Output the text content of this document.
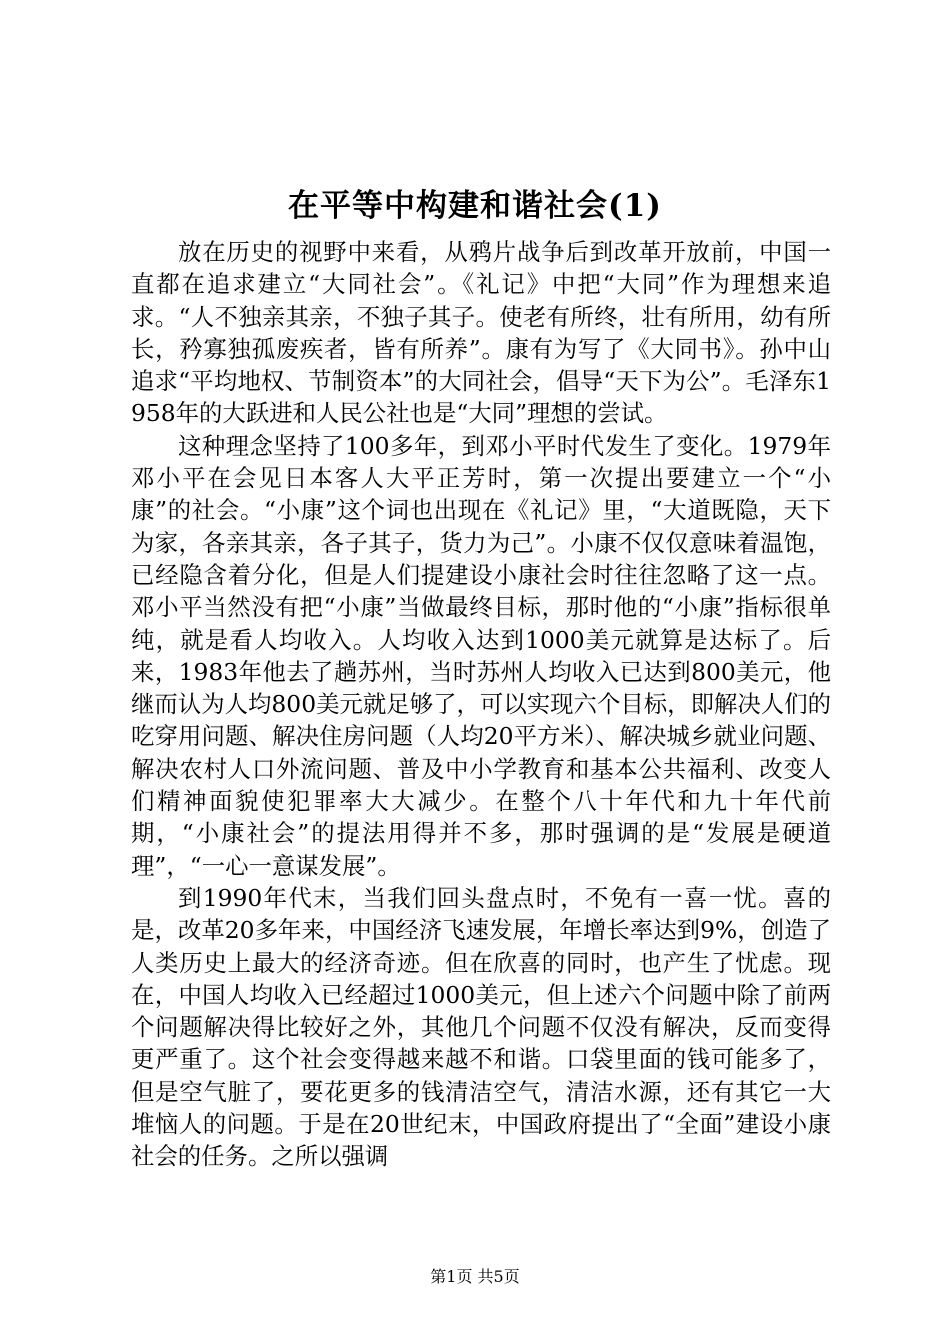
在平等中构建和谐社会(1)

放在历史的视野中来看，从鸦片战争后到改革开放前，中国一直都在追求建立“大同社会”。《礼记》中把“大同”作为理想来追求。“人不独亲其亲，不独子其子。使老有所终，壮有所用，幼有所长，矜寡独孤废疾者，皆有所养”。康有为写了《大同书》。孙中山追求“平均地权、节制资本”的大同社会，倡导“天下为公”。毛泽东1958年的大跃进和人民公社也是“大同”理想的尝试。

这种理念坚持了100多年，到邓小平时代发生了变化。1979年邓小平在会见日本客人大平正芳时，第一次提出要建立一个“小康”的社会。“小康”这个词也出现在《礼记》里，“大道既隐，天下为家，各亲其亲，各子其子，货力为己”。小康不仅仅意味着温饱，已经隐含着分化，但是人们提建设小康社会时往往忽略了这一点。邓小平当然没有把“小康”当做最终目标，那时他的“小康”指标很单纯，就是看人均收入。人均收入达到1000美元就算是达标了。后来，1983年他去了趟苏州，当时苏州人均收入已达到800美元，他继而认为人均800美元就足够了，可以实现六个目标，即解决人们的吃穿用问题、解决住房问题（人均20平方米）、解决城乡就业问题、解决农村人口外流问题、普及中小学教育和基本公共福利、改变人们精神面貌使犯罪率大大减少。在整个八十年代和九十年代前期，“小康社会”的提法用得并不多，那时强调的是“发展是硬道理”，“一心一意谋发展”。

到1990年代末，当我们回头盘点时，不免有一喜一忧。喜的是，改革20多年来，中国经济飞速发展，年增长率达到9%，创造了人类历史上最大的经济奇迹。但在欣喜的同时，也产生了忧虑。现在，中国人均收入已经超过1000美元，但上述六个问题中除了前两个问题解决得比较好之外，其他几个问题不仅没有解决，反而变得更严重了。这个社会变得越来越不和谐。口袋里面的钱可能多了，但是空气脏了，要花更多的钱清洁空气，清洁水源，还有其它一大堆恼人的问题。于是在20世纪末，中国政府提出了“全面”建设小康社会的任务。之所以强调

第1页 共5页
